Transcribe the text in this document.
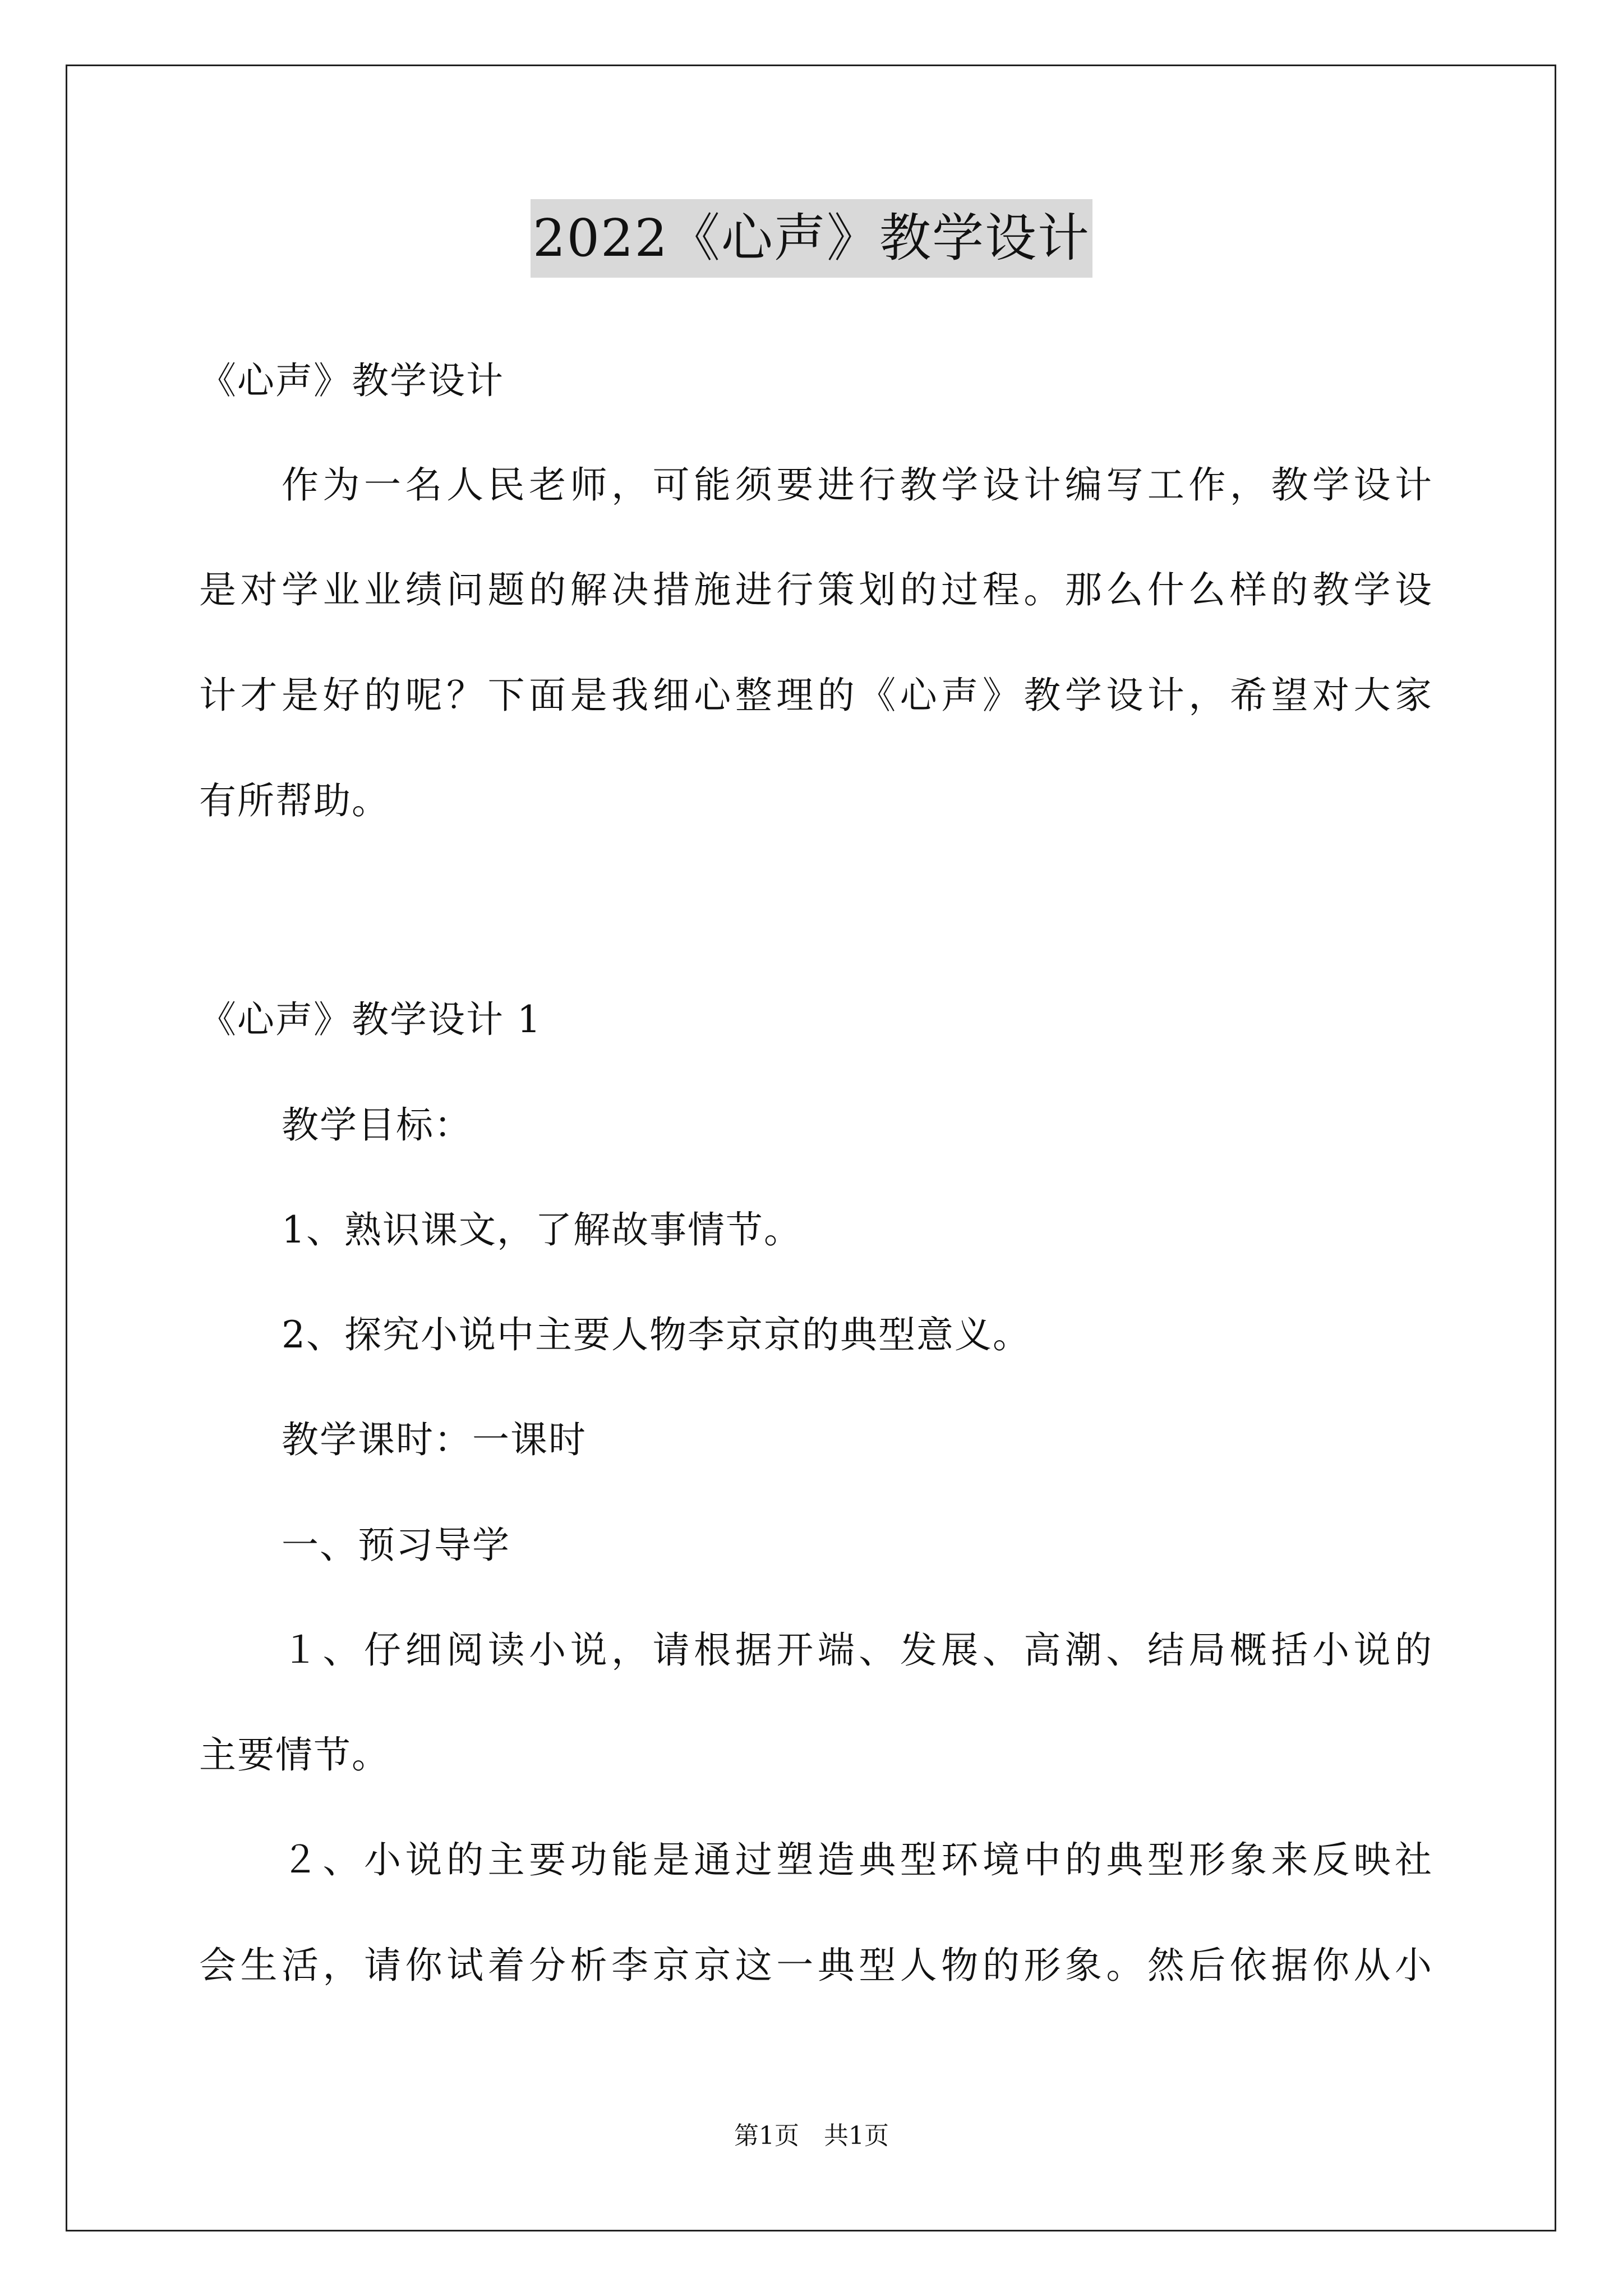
2022《心声》教学设计
《心声》教学设计
作为一名人民老师，可能须要进行教学设计编写工作，教学设计
是对学业业绩问题的解决措施进行策划的过程。那么什么样的教学设
计才是好的呢？下面是我细心整理的《心声》教学设计，希望对大家
有所帮助。
《心声》教学设计 1
教学目标：
1、熟识课文，了解故事情节。
2、探究小说中主要人物李京京的典型意义。
教学课时：一课时
一、预习导学
１、仔细阅读小说，请根据开端、发展、高潮、结局概括小说的
主要情节。
２、小说的主要功能是通过塑造典型环境中的典型形象来反映社
会生活，请你试着分析李京京这一典型人物的形象。然后依据你从小
第1页　共1页
